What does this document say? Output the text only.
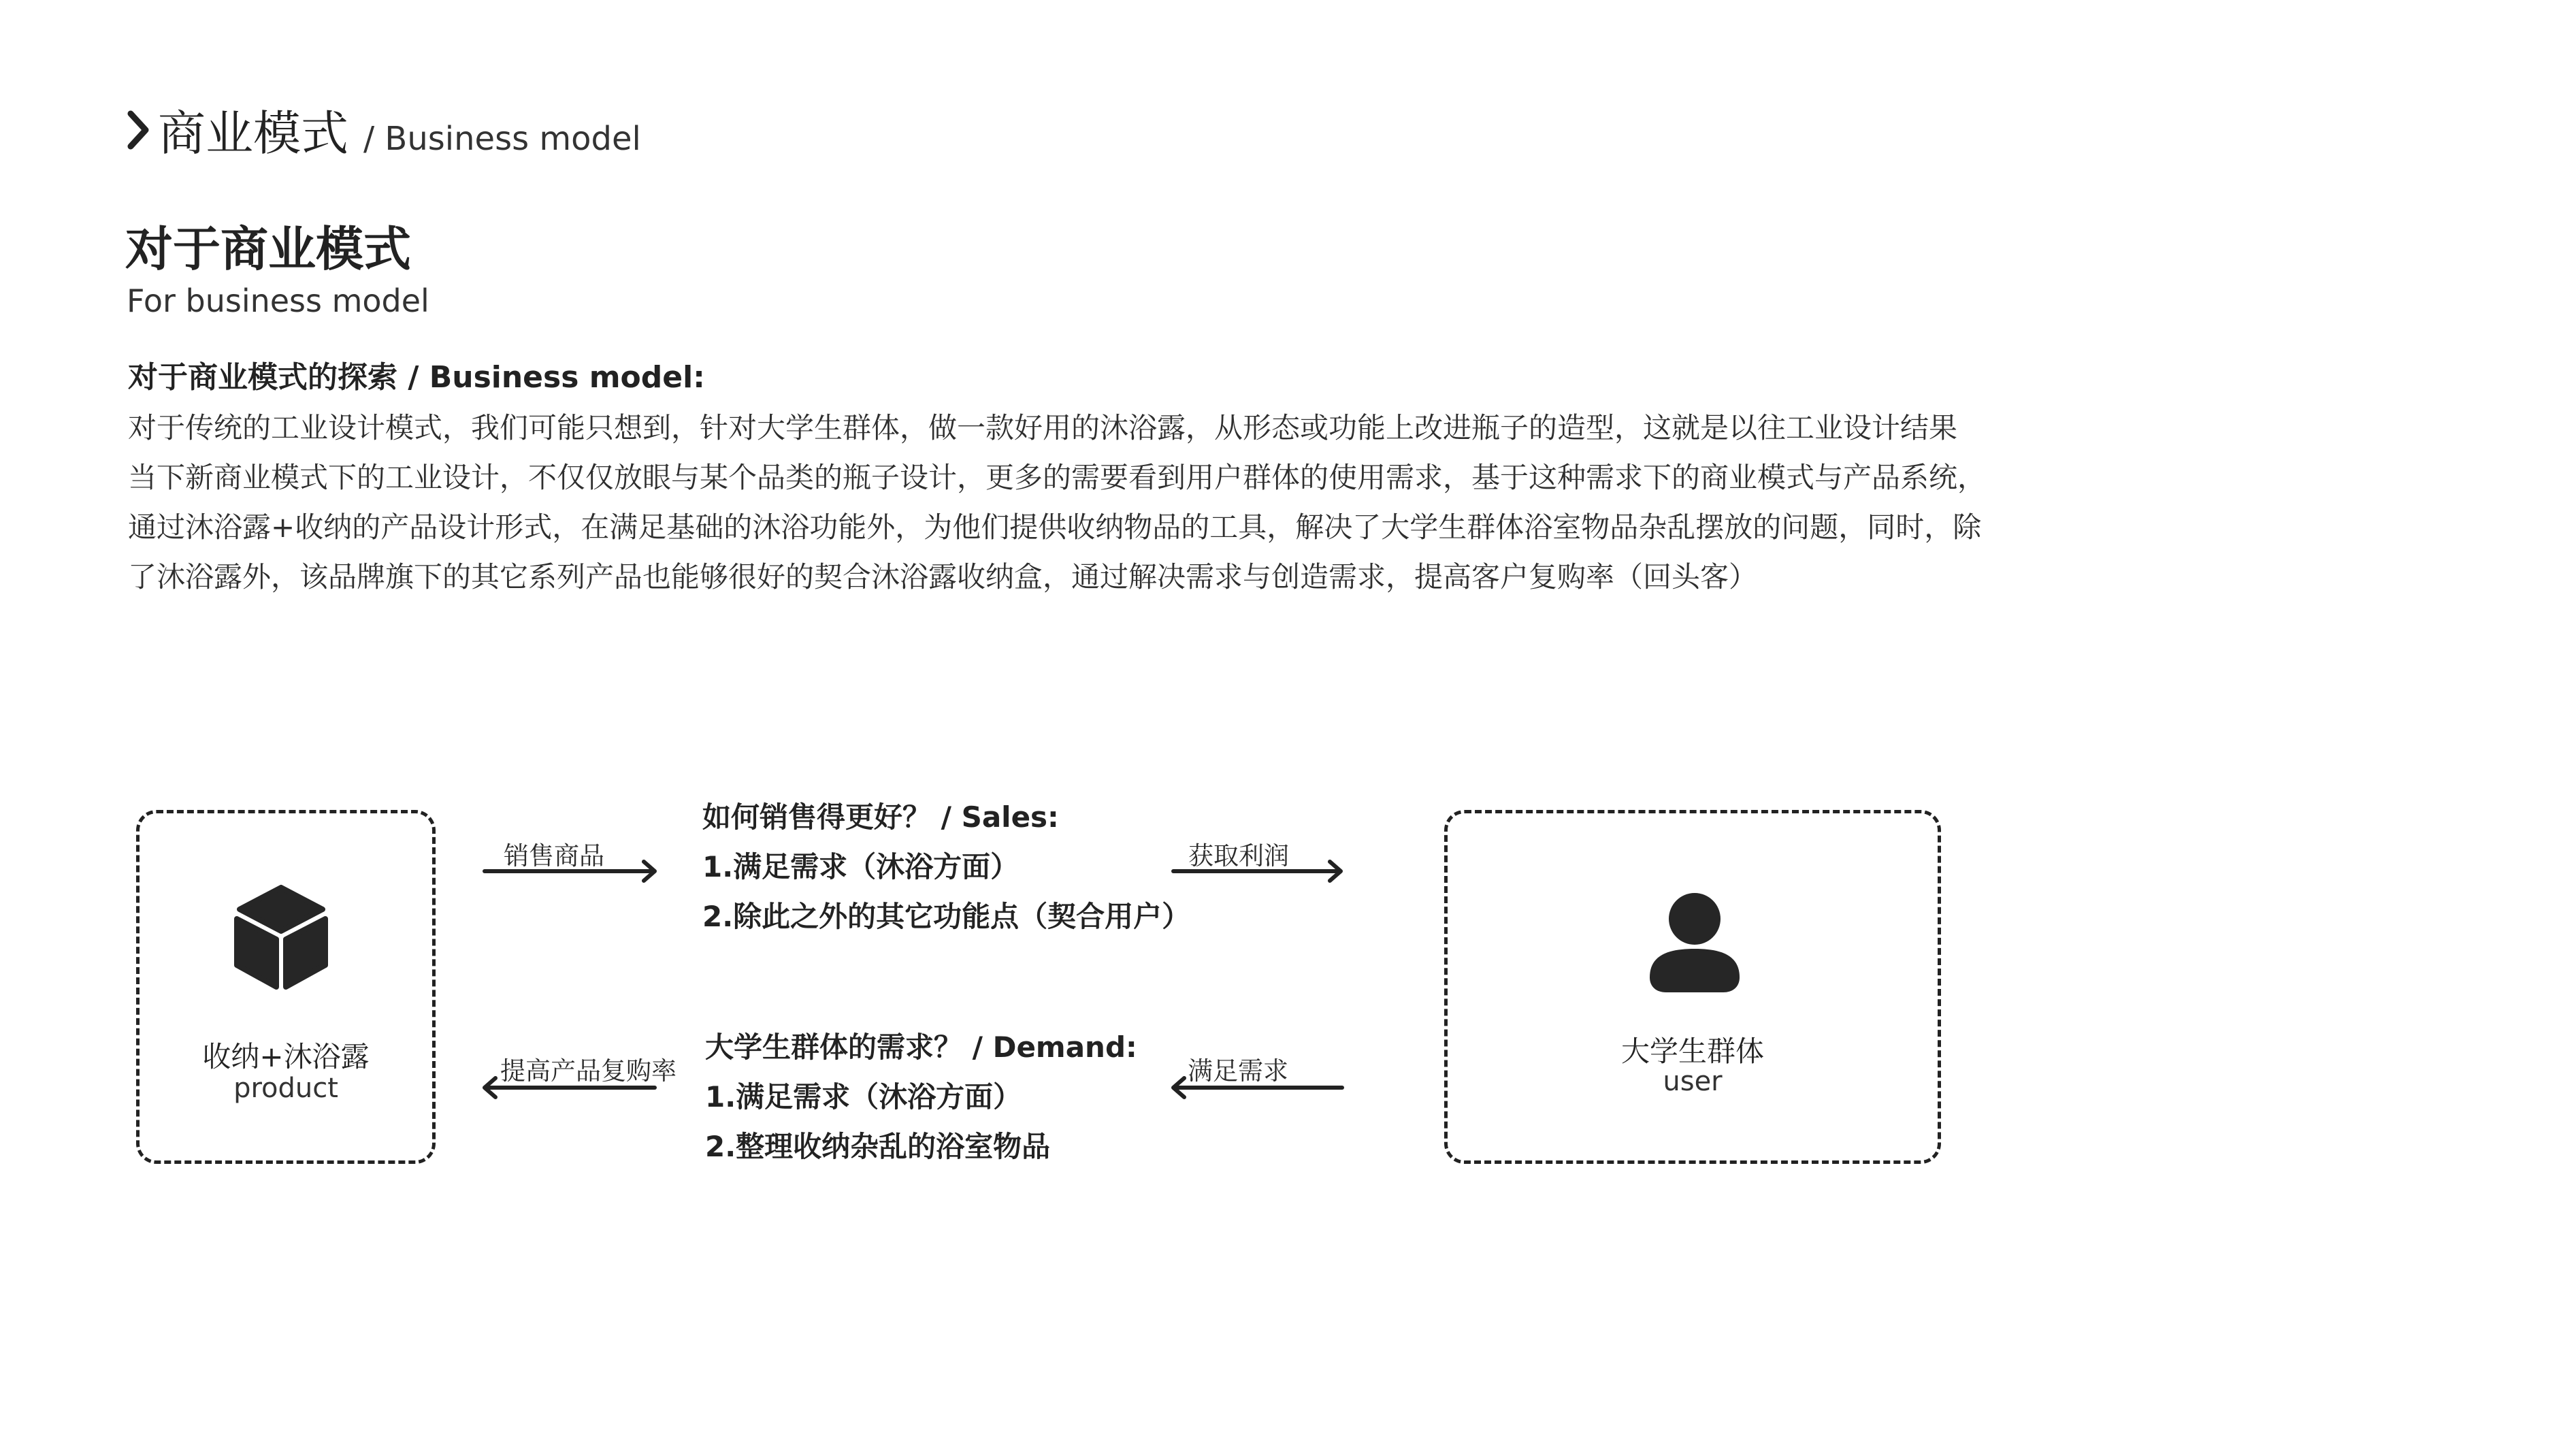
商业模式 / Business model
对于商业模式
For business model
对于商业模式的探索 / Business model:
对于传统的工业设计模式，我们可能只想到，针对大学生群体，做一款好用的沐浴露，从形态或功能上改进瓶子的造型，这就是以往工业设计结果
当下新商业模式下的工业设计，不仅仅放眼与某个品类的瓶子设计，更多的需要看到用户群体的使用需求，基于这种需求下的商业模式与产品系统，
通过沐浴露+收纳的产品设计形式，在满足基础的沐浴功能外，为他们提供收纳物品的工具，解决了大学生群体浴室物品杂乱摆放的问题，同时，除
了沐浴露外，该品牌旗下的其它系列产品也能够很好的契合沐浴露收纳盒，通过解决需求与创造需求，提高客户复购率（回头客）
收纳+沐浴露
product
大学生群体
user
销售商品
提高产品复购率
如何销售得更好？ / Sales:
1.满足需求（沐浴方面）
2.除此之外的其它功能点（契合用户）
大学生群体的需求？ / Demand:
1.满足需求（沐浴方面）
2.整理收纳杂乱的浴室物品
获取利润
满足需求
